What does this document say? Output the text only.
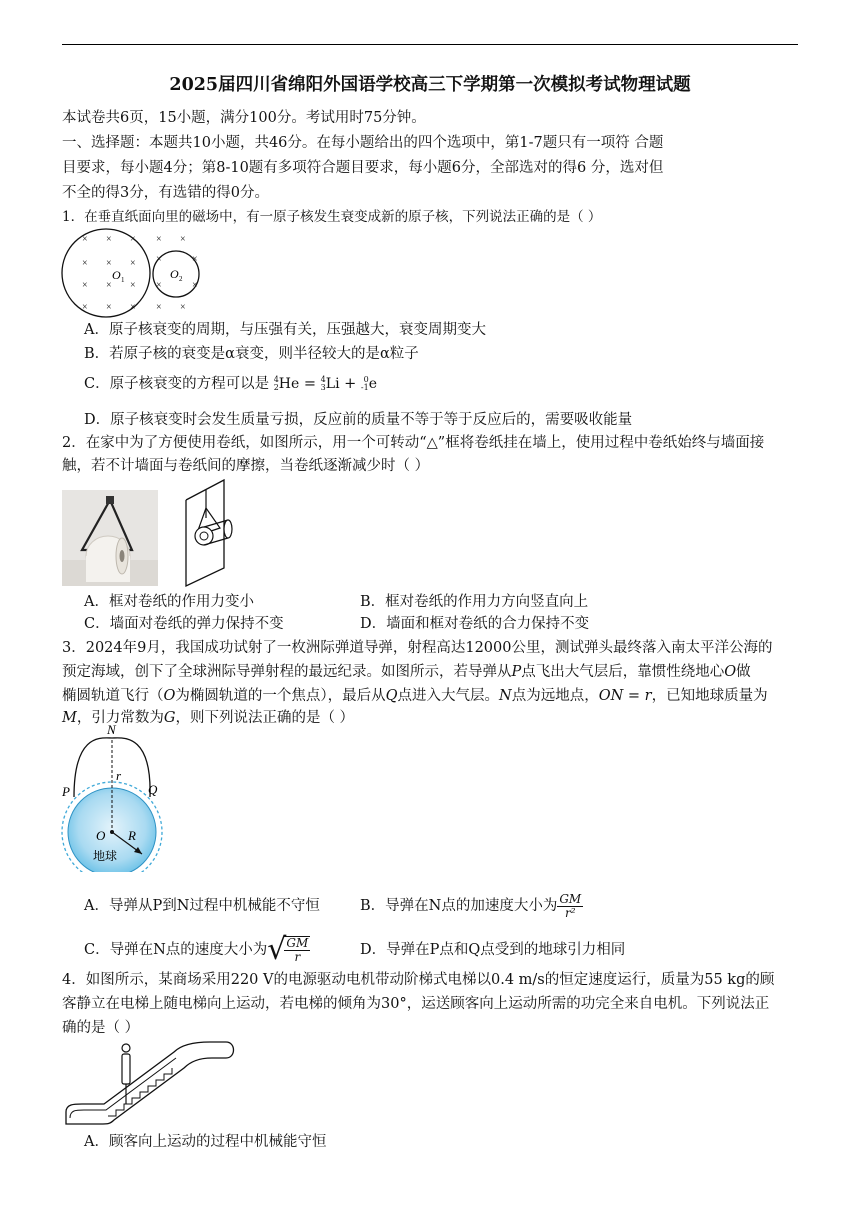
2025届四川省绵阳外国语学校高三下学期第一次模拟考试物理试题
本试卷共6页，15小题，满分100分。考试用时75分钟。
一、选择题：本题共10小题，共46分。在每小题给出的四个选项中，第1-7题只有一项符 合题
目要求，每小题4分；第8-10题有多项符合题目要求，每小题6分，全部选对的得6 分，选对但
不全的得3分，有选错的得0分。
1．在垂直纸面向里的磁场中，有一原子核发生衰变成新的原子核，下列说法正确的是（ ）
× × × × ×
× × × ×	×
× × × ×	×
× × × × ×
O 1	O 2
A．原子核衰变的周期，与压强有关，压强越大，衰变周期变大
B．若原子核的衰变是α衰变，则半径较大的是α粒子
C．原子核衰变的方程可以是 4
2 He = 4
3 Li + 0
-1 e
D．原子核衰变时会发生质量亏损，反应前的质量不等于等于反应后的，需要吸收能量
2．在家中为了方便使用卷纸，如图所示，用一个可转动“△”框将卷纸挂在墙上，使用过程中卷纸始终与墙面接
触，若不计墙面与卷纸间的摩擦，当卷纸逐渐减少时（ ）
A．框对卷纸的作用力变小	B．框对卷纸的作用力方向竖直向上
C．墙面对卷纸的弹力保持不变	D．墙面和框对卷纸的合力保持不变
3．2024年9月，我国成功试射了一枚洲际弹道导弹，射程高达12000公里，测试弹头最终落入南太平洋公海的
预定海域，创下了全球洲际导弹射程的最远纪录。如图所示，若导弹从P点飞出大气层后，靠惯性绕地心O做
椭圆轨道飞行（O为椭圆轨道的一个焦点），最后从Q点进入大气层。N点为远地点，ON = r，已知地球质量为
M，引力常数为G，则下列说法正确的是（ ）
N
P	Q
r
R
O
地球
A．导弹从P到N过程中机械能不守恒	B．导弹在N点的加速度大小为 $\frac{GM}{\text{r²}}$
C．导弹在N点的速度大小为√
$\frac{GM}{r}$	D．导弹在P点和Q点受到的地球引力相同
4．如图所示，某商场采用220 V的电源驱动电机带动阶梯式电梯以0.4 m/s的恒定速度运行，质量为55 kg的顾
客静立在电梯上随电梯向上运动，若电梯的倾角为30°，运送顾客向上运动所需的功完全来自电机。下列说法正
确的是（ ）
A．顾客向上运动的过程中机械能守恒
